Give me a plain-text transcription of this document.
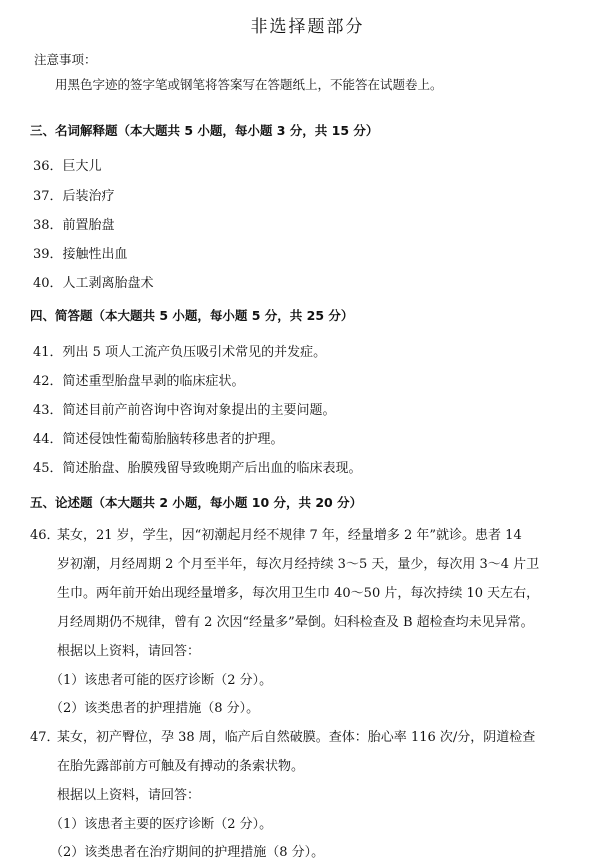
非选择题部分
注意事项：
用黑色字迹的签字笔或钢笔将答案写在答题纸上，不能答在试题卷上。
三、名词解释题（本大题共 5 小题，每小题 3 分，共 15 分）
36．巨大儿
37．后装治疗
38．前置胎盘
39．接触性出血
40．人工剥离胎盘术
四、简答题（本大题共 5 小题，每小题 5 分，共 25 分）
41．列出 5 项人工流产负压吸引术常见的并发症。
42．简述重型胎盘早剥的临床症状。
43．简述目前产前咨询中咨询对象提出的主要问题。
44．简述侵蚀性葡萄胎脑转移患者的护理。
45．简述胎盘、胎膜残留导致晚期产后出血的临床表现。
五、论述题（本大题共 2 小题，每小题 10 分，共 20 分）
46．某女，21 岁，学生，因“初潮起月经不规律 7 年，经量增多 2 年”就诊。患者 14
岁初潮，月经周期 2 个月至半年，每次月经持续 3～5 天，量少，每次用 3～4 片卫
生巾。两年前开始出现经量增多，每次用卫生巾 40～50 片，每次持续 10 天左右，
月经周期仍不规律，曾有 2 次因“经量多”晕倒。妇科检查及 B 超检查均未见异常。
根据以上资料，请回答：
（1）该患者可能的医疗诊断（2 分）。
（2）该类患者的护理措施（8 分）。
47．某女，初产臀位，孕 38 周，临产后自然破膜。查体：胎心率 116 次/分，阴道检查
在胎先露部前方可触及有搏动的条索状物。
根据以上资料，请回答：
（1）该患者主要的医疗诊断（2 分）。
（2）该类患者在治疗期间的护理措施（8 分）。
